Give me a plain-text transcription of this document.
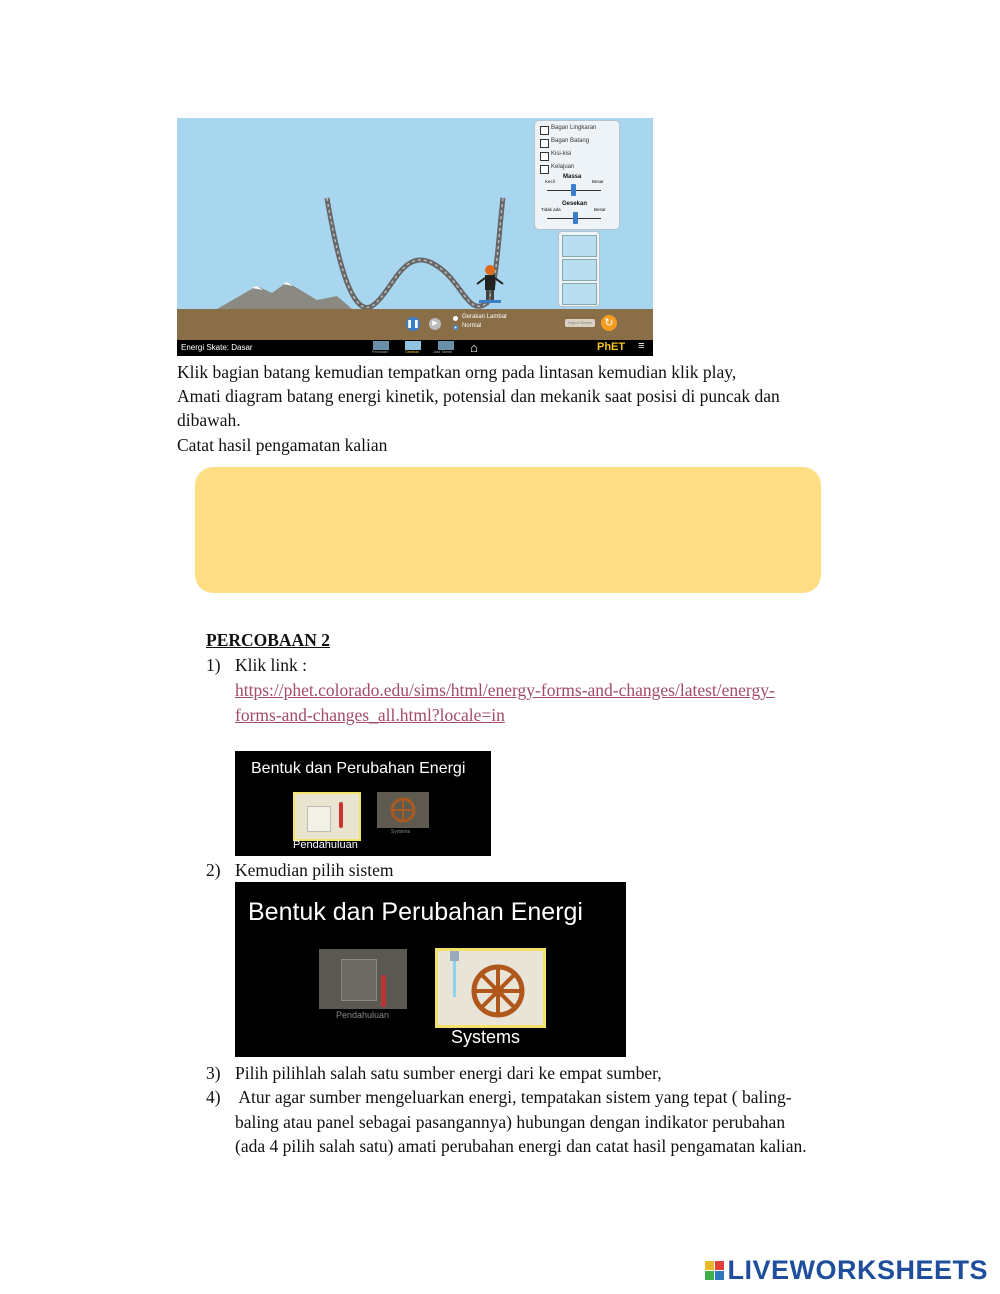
Bagan Lingkaran
Bagan Batang
Kisi-kisi
Kelajuan
Massa
Kecil	Besar
Gesekan
Tidak ada	Besar
❚❚	▶
Gerakan Lambat
Normal
Hapus Skater	↻
Energi Skate: Dasar	Pemulaan	Gesekan	Jalur Taman ⌂	PhET ≡
Klik bagian batang kemudian tempatkan orng pada lintasan kemudian klik play,
Amati diagram batang energi kinetik, potensial dan mekanik saat posisi di puncak dan
dibawah.
Catat hasil pengamatan kalian
PERCOBAAN 2
1) Klik link :
https://phet.colorado.edu/sims/html/energy-forms-and-changes/latest/energy-
forms-and-changes_all.html?locale=in
Bentuk dan Perubahan Energi
Pendahuluan
Systems
2) Kemudian pilih sistem
Bentuk dan Perubahan Energi
Pendahuluan
Systems
3) Pilih pilihlah salah satu sumber energi dari ke empat sumber,
4) Atur agar sumber mengeluarkan energi, tempatakan sistem yang tepat ( baling-
baling atau panel sebagai pasangannya) hubungan dengan indikator perubahan
(ada 4 pilih salah satu) amati perubahan energi dan catat hasil pengamatan kalian.
LIVEWORKSHEETS
